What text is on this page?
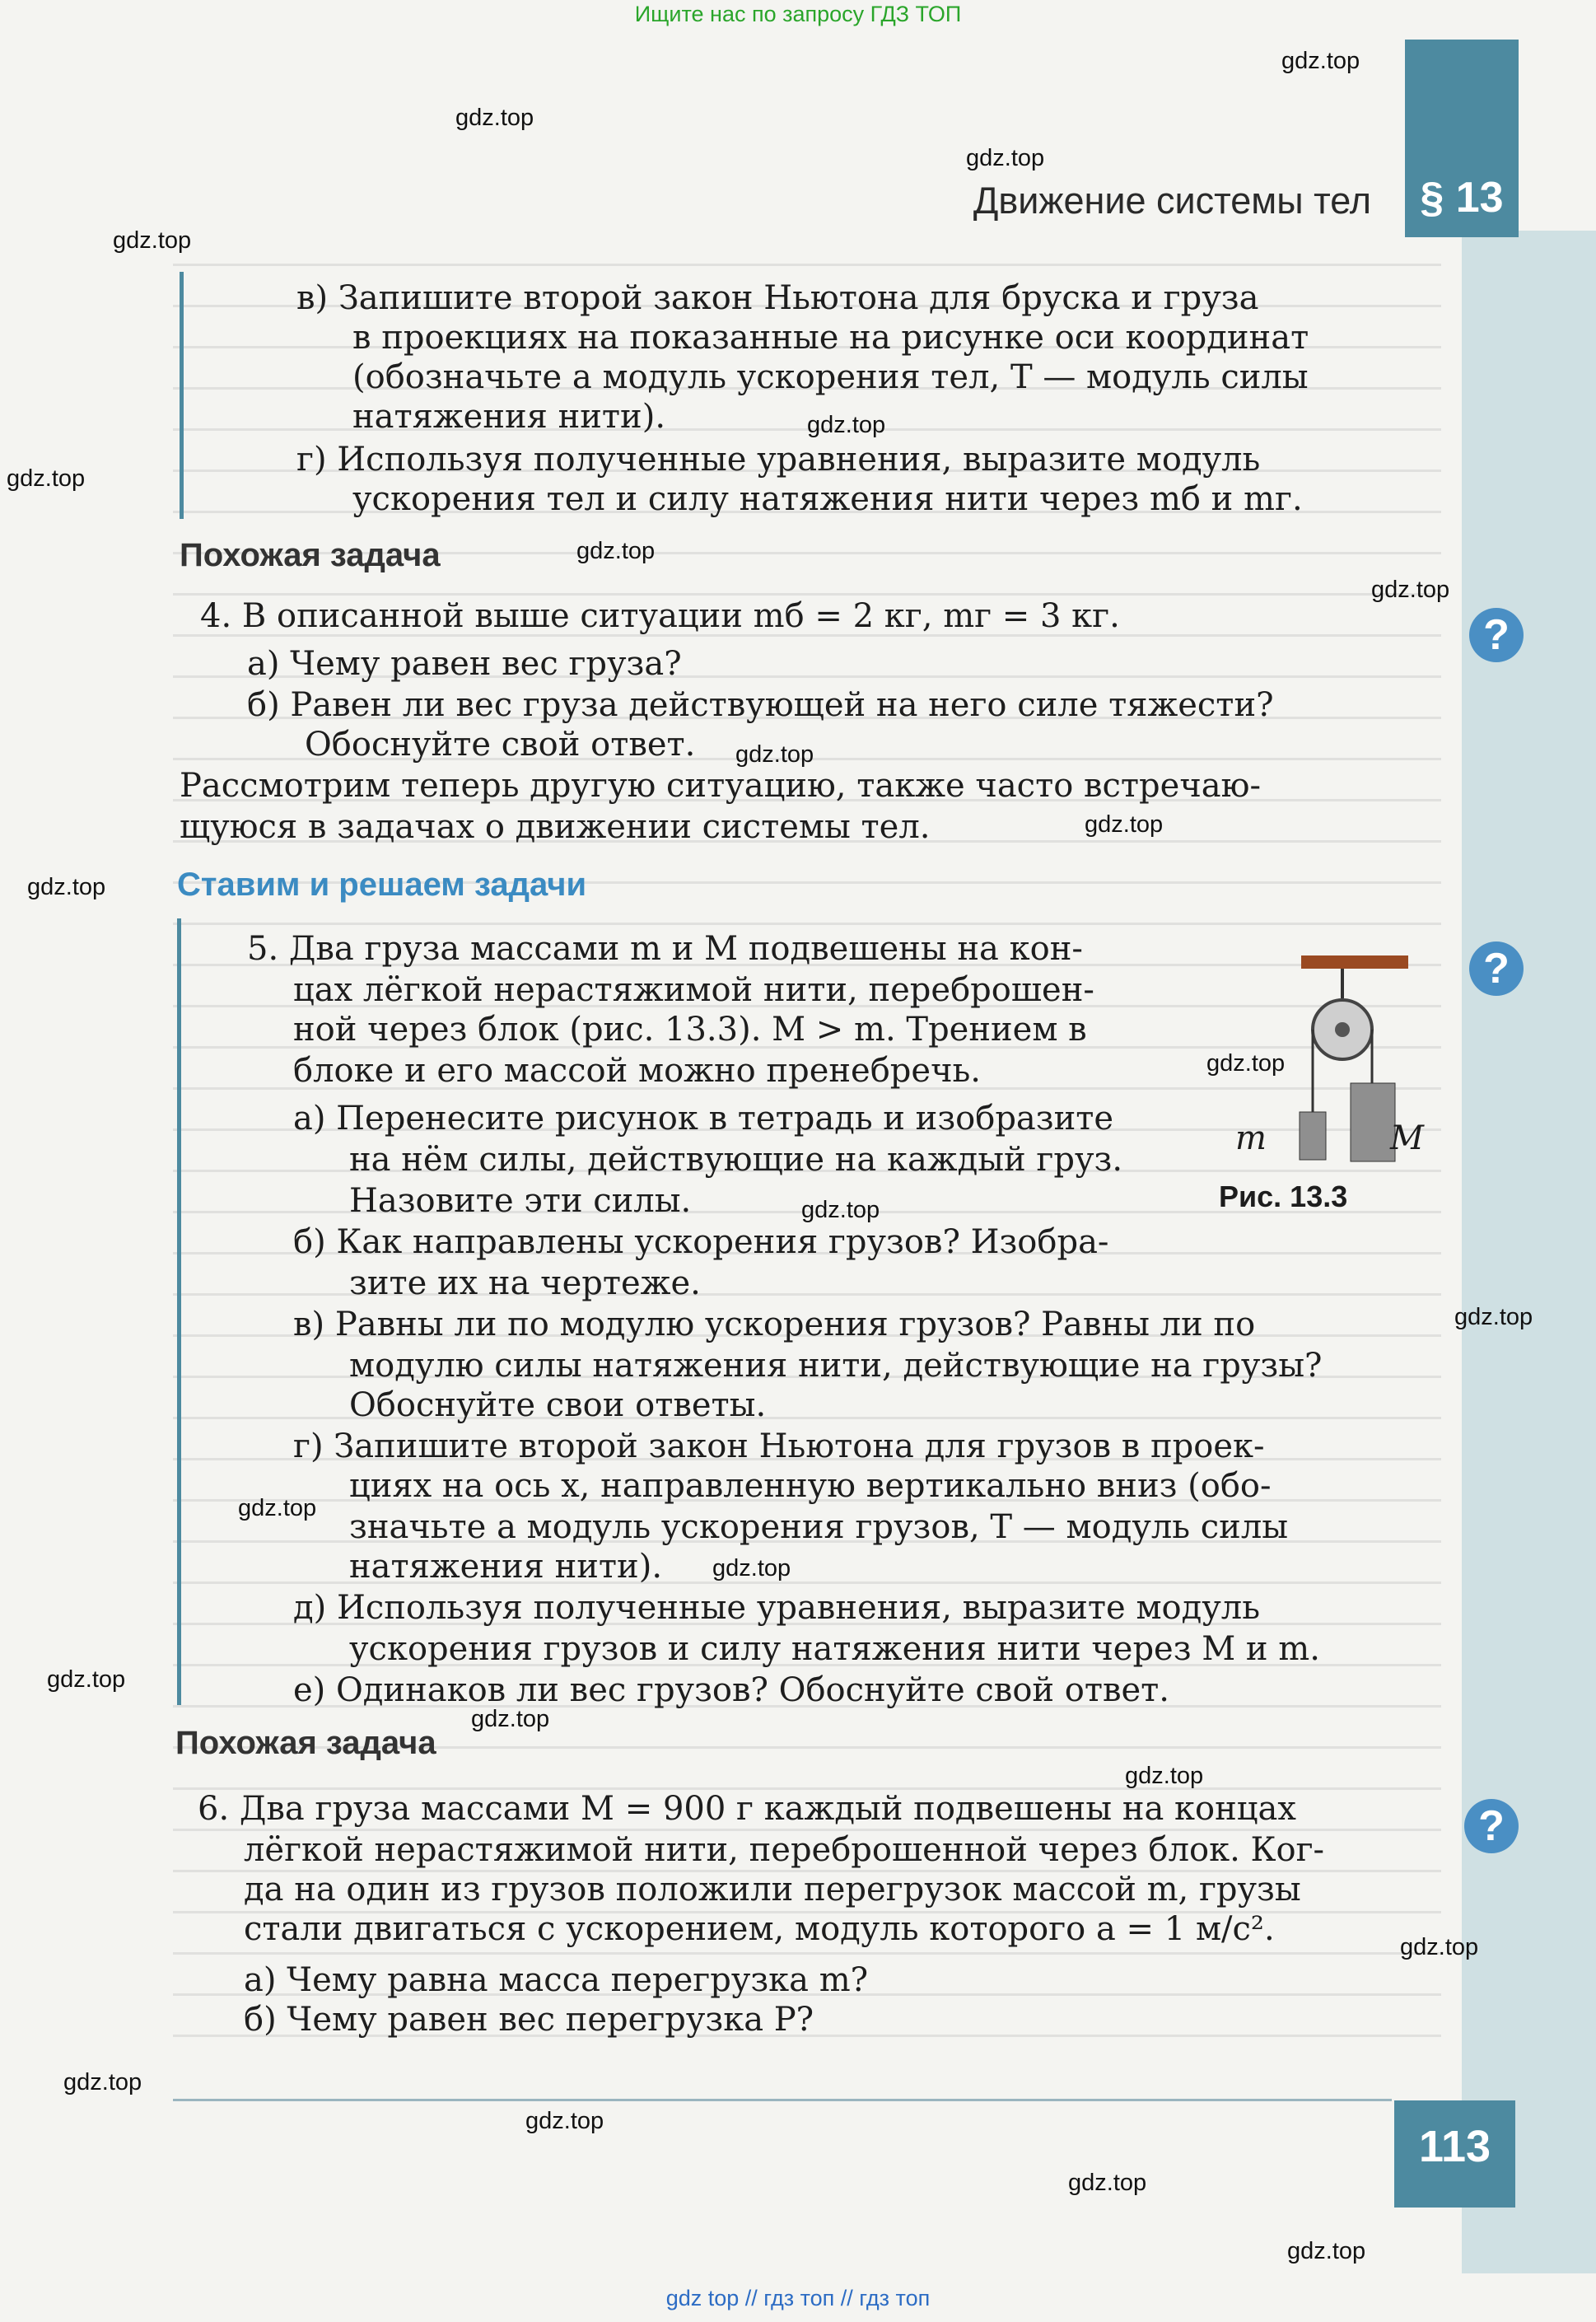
Ищите нас по запросу ГДЗ ТОП
§ 13
Движение системы тел
в) Запишите второй закон Ньютона для бруска и груза
в проекциях на показанные на рисунке оси координат
(обозначьте a модуль ускорения тел, T — модуль силы
натяжения нити).
г) Используя полученные уравнения, выразите модуль
ускорения тел и силу натяжения нити через mб и mг.
Похожая задача
4. В описанной выше ситуации mб = 2 кг, mг = 3 кг.
а) Чему равен вес груза?
б) Равен ли вес груза действующей на него силе тяжести?
Обоснуйте свой ответ.
Рассмотрим теперь другую ситуацию, также часто встречаю-
щуюся в задачах о движении системы тел.
Ставим и решаем задачи
5. Два груза массами m и M подвешены на кон-
цах лёгкой нерастяжимой нити, переброшен-
ной через блок (рис. 13.3). M > m. Трением в
блоке и его массой можно пренебречь.
а) Перенесите рисунок в тетрадь и изобразите
на нём силы, действующие на каждый груз.
Назовите эти силы.
б) Как направлены ускорения грузов? Изобра-
зите их на чертеже.
в) Равны ли по модулю ускорения грузов? Равны ли по
модулю силы натяжения нити, действующие на грузы?
Обоснуйте свои ответы.
г) Запишите второй закон Ньютона для грузов в проек-
циях на ось x, направленную вертикально вниз (обо-
значьте a модуль ускорения грузов, T — модуль силы
натяжения нити).
д) Используя полученные уравнения, выразите модуль
ускорения грузов и силу натяжения нити через M и m.
е) Одинаков ли вес грузов? Обоснуйте свой ответ.
m	M
Рис. 13.3
Похожая задача
6. Два груза массами M = 900 г каждый подвешены на концах
лёгкой нерастяжимой нити, переброшенной через блок. Ког-
да на один из грузов положили перегрузок массой m, грузы
стали двигаться с ускорением, модуль которого a = 1 м/с².
а) Чему равна масса перегрузка m?
б) Чему равен вес перегрузка P?
?
?
?
113
gdz.top
gdz.top
gdz.top
gdz.top
gdz.top
gdz.top
gdz.top
gdz.top
gdz.top
gdz.top
gdz.top
gdz.top
gdz.top
gdz.top
gdz.top
gdz.top
gdz.top
gdz.top
gdz.top
gdz.top
gdz.top
gdz.top
gdz.top
gdz.top
gdz top // гдз топ // гдз топ
